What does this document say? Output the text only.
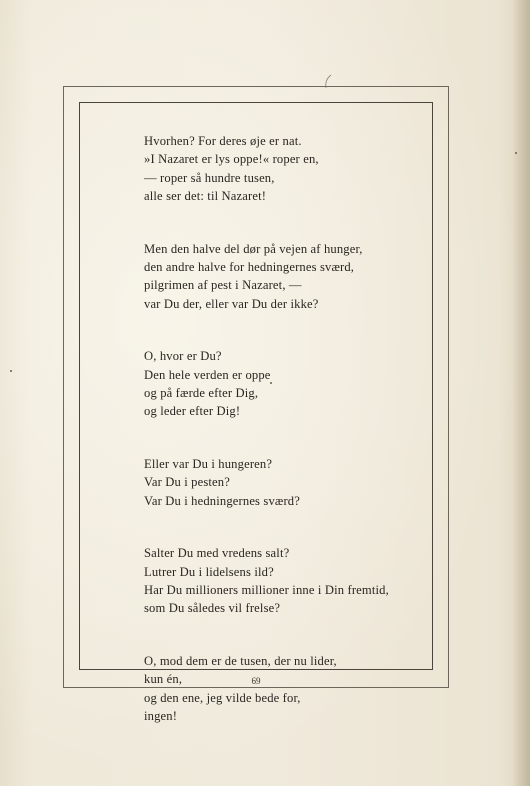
Hvorhen? For deres øje er nat.
»I Nazaret er lys oppe!« roper en,
— roper så hundre tusen,
alle ser det: til Nazaret!

Men den halve del dør på vejen af hunger,
den andre halve for hedningernes sværd,
pilgrimen af pest i Nazaret, —
var Du der, eller var Du der ikke?

O, hvor er Du?
Den hele verden er oppe
og på færde efter Dig,
og leder efter Dig!

Eller var Du i hungeren?
Var Du i pesten?
Var Du i hedningernes sværd?

Salter Du med vredens salt?
Lutrer Du i lidelsens ild?
Har Du millioners millioner inne i Din fremtid,
som Du således vil frelse?

O, mod dem er de tusen, der nu lider,
kun én,
og den ene, jeg vilde bede for,
ingen!

69
